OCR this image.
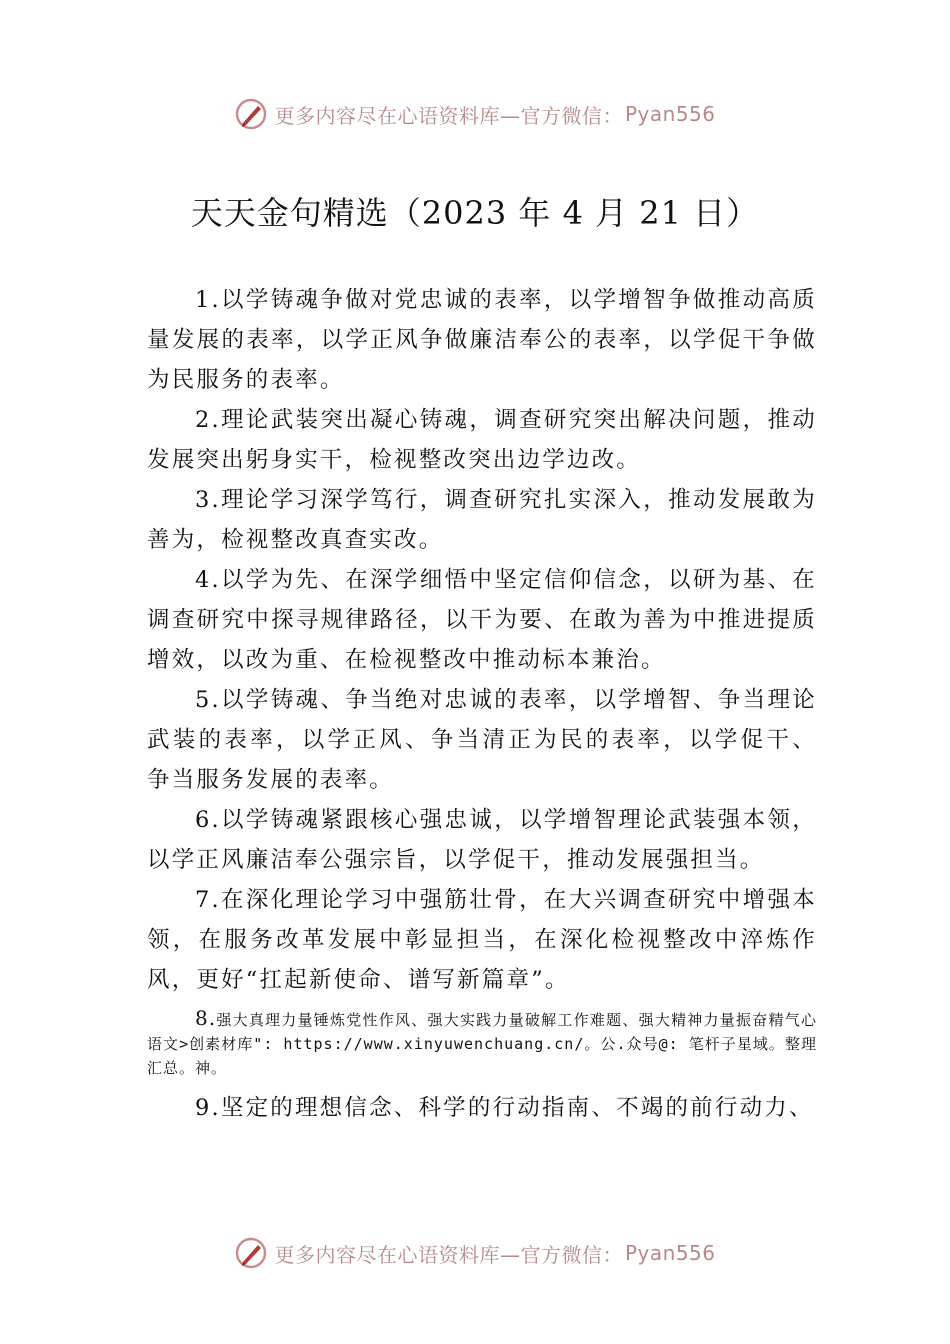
更多内容尽在心语资料库—官方微信： Pyan556
天天金句精选（2023 年 4 月 21 日）

1.以学铸魂争做对党忠诚的表率，以学增智争做推动高质量发展的表率，以学正风争做廉洁奉公的表率，以学促干争做为民服务的表率。

2.理论武装突出凝心铸魂，调查研究突出解决问题，推动发展突出躬身实干，检视整改突出边学边改。

3.理论学习深学笃行，调查研究扎实深入，推动发展敢为善为，检视整改真查实改。

4.以学为先、在深学细悟中坚定信仰信念，以研为基、在调查研究中探寻规律路径，以干为要、在敢为善为中推进提质增效，以改为重、在检视整改中推动标本兼治。

5.以学铸魂、争当绝对忠诚的表率，以学增智、争当理论武装的表率，以学正风、争当清正为民的表率，以学促干、 争当服务发展的表率。

6.以学铸魂紧跟核心强忠诚，以学增智理论武装强本领，以学正风廉洁奉公强宗旨，以学促干，推动发展强担当。

7.在深化理论学习中强筋壮骨，在大兴调查研究中增强本领，在服务改革发展中彰显担当，在深化检视整改中淬炼作风，更好“扛起新使命、谱写新篇章”。

8.强大真理力量锤炼党性作风、强大实践力量破解工作难题、强大精神力量振奋精气心语文>创素材库": https://www.xinyuwenchuang.cn/。公.众号@: 笔杆子星域。整理汇总。神。

9.坚定的理想信念、科学的行动指南、不竭的前行动力、

更多内容尽在心语资料库—官方微信： Pyan556
